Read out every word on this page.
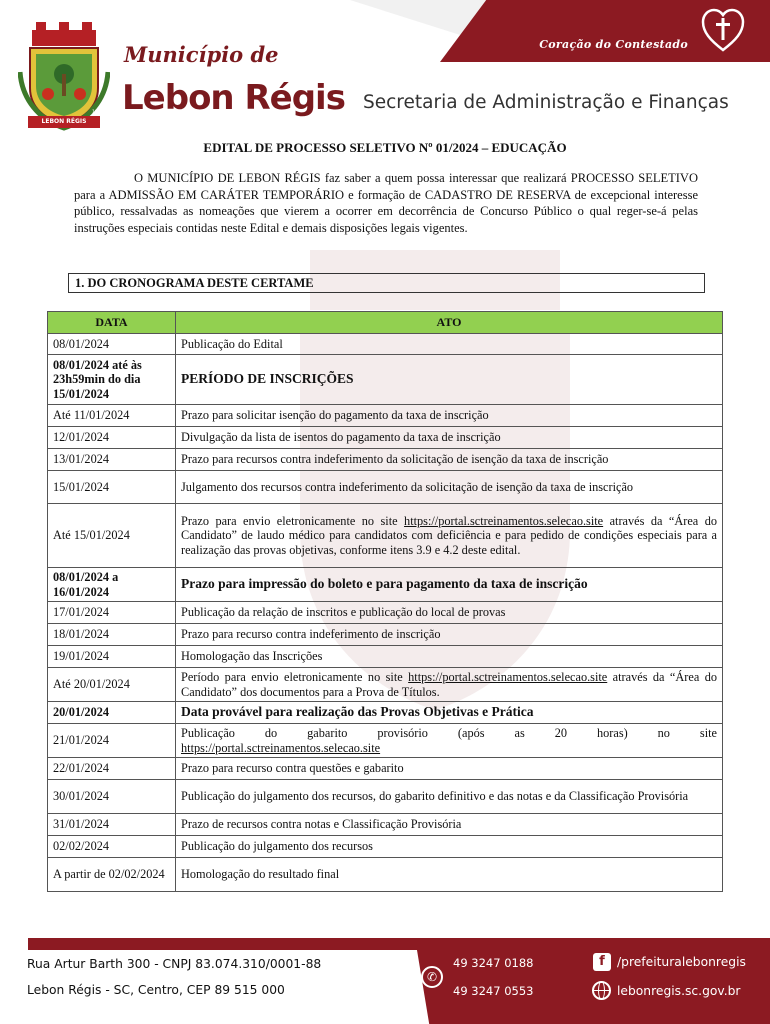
Coração do Contestado
LEBON RÉGIS
19 12	1958
Município de
Lebon Régis Secretaria de Administração e Finanças
EDITAL DE PROCESSO SELETIVO Nº 01/2024 – EDUCAÇÃO
O MUNICÍPIO DE LEBON RÉGIS faz saber a quem possa interessar que realizará PROCESSO SELETIVO para a ADMISSÃO EM CARÁTER TEMPORÁRIO e formação de CADASTRO DE RESERVA de excepcional interesse público, ressalvadas as nomeações que vierem a ocorrer em decorrência de Concurso Público o qual reger-se-á pelas instruções especiais contidas neste Edital e demais disposições legais vigentes.
1. DO CRONOGRAMA DESTE CERTAME
DATA	ATO
08/01/2024	Publicação do Edital
08/01/2024 até às 23h59min do dia 15/01/2024	PERÍODO DE INSCRIÇÕES
Até 11/01/2024	Prazo para solicitar isenção do pagamento da taxa de inscrição
12/01/2024	Divulgação da lista de isentos do pagamento da taxa de inscrição
13/01/2024	Prazo para recursos contra indeferimento da solicitação de isenção da taxa de inscrição
15/01/2024	Julgamento dos recursos contra indeferimento da solicitação de isenção da taxa de inscrição
Até 15/01/2024	Prazo para envio eletronicamente no site https://portal.sctreinamentos.selecao.site através da “Área do Candidato” de laudo médico para candidatos com deficiência e para pedido de condições especiais para a realização das provas objetivas, conforme itens 3.9 e 4.2 deste edital.
08/01/2024 a 16/01/2024	Prazo para impressão do boleto e para pagamento da taxa de inscrição
17/01/2024	Publicação da relação de inscritos e publicação do local de provas
18/01/2024	Prazo para recurso contra indeferimento de inscrição
19/01/2024	Homologação das Inscrições
Até 20/01/2024	Período para envio eletronicamente no site https://portal.sctreinamentos.selecao.site através da “Área do Candidato” dos documentos para a Prova de Títulos.
20/01/2024	Data provável para realização das Provas Objetivas e Prática
21/01/2024	Publicação do gabarito provisório (após as 20 horas) no site
https://portal.sctreinamentos.selecao.site
22/01/2024	Prazo para recurso contra questões e gabarito
30/01/2024	Publicação do julgamento dos recursos, do gabarito definitivo e das notas e da Classificação Provisória
31/01/2024	Prazo de recursos contra notas e Classificação Provisória
02/02/2024	Publicação do julgamento dos recursos
A partir de 02/02/2024	Homologação do resultado final
Rua Artur Barth 300 - CNPJ 83.074.310/0001-88
Lebon Régis - SC, Centro, CEP 89 515 000
✆
49 3247 0188
49 3247 0553
f /prefeituralebonregis
lebonregis.sc.gov.br
